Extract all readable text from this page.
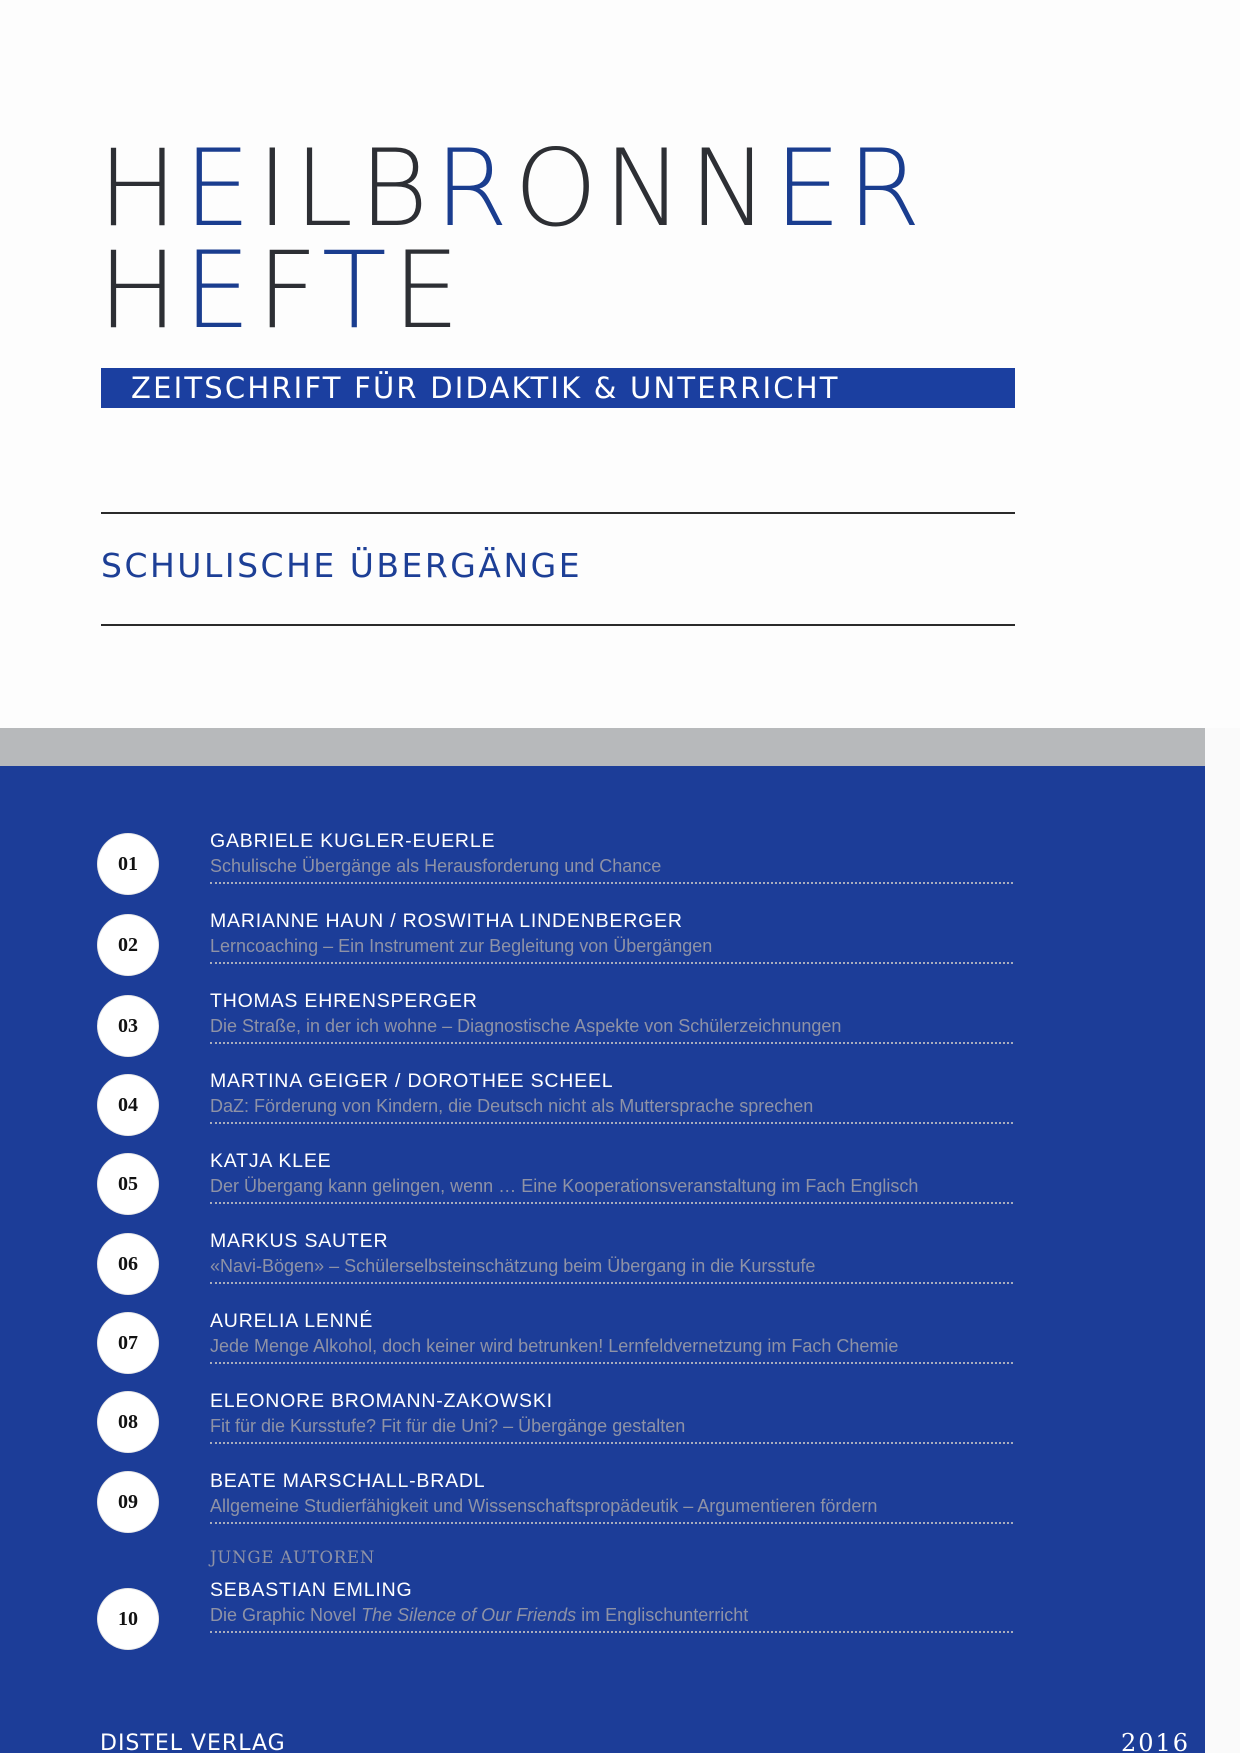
HEILBRONNER
HEFTE
ZEITSCHRIFT FÜR DIDAKTIK & UNTERRICHT
SCHULISCHE ÜBERGÄNGE
01
GABRIELE KUGLER-EUERLE
Schulische Übergänge als Herausforderung und Chance
02
MARIANNE HAUN / ROSWITHA LINDENBERGER
Lerncoaching – Ein Instrument zur Begleitung von Übergängen
03
THOMAS EHRENSPERGER
Die Straße, in der ich wohne – Diagnostische Aspekte von Schülerzeichnungen
04
MARTINA GEIGER / DOROTHEE SCHEEL
DaZ: Förderung von Kindern, die Deutsch nicht als Muttersprache sprechen
05
KATJA KLEE
Der Übergang kann gelingen, wenn … Eine Kooperationsveranstaltung im Fach Englisch
06
MARKUS SAUTER
«Navi-Bögen» – Schülerselbsteinschätzung beim Übergang in die Kursstufe
07
AURELIA LENNÉ
Jede Menge Alkohol, doch keiner wird betrunken! Lernfeldvernetzung im Fach Chemie
08
ELEONORE BROMANN-ZAKOWSKI
Fit für die Kursstufe? Fit für die Uni? – Übergänge gestalten
09
BEATE MARSCHALL-BRADL
Allgemeine Studierfähigkeit und Wissenschaftspropädeutik – Argumentieren fördern
JUNGE AUTOREN
10
SEBASTIAN EMLING
Die Graphic Novel The Silence of Our Friends im Englischunterricht
DISTEL VERLAG	2016
